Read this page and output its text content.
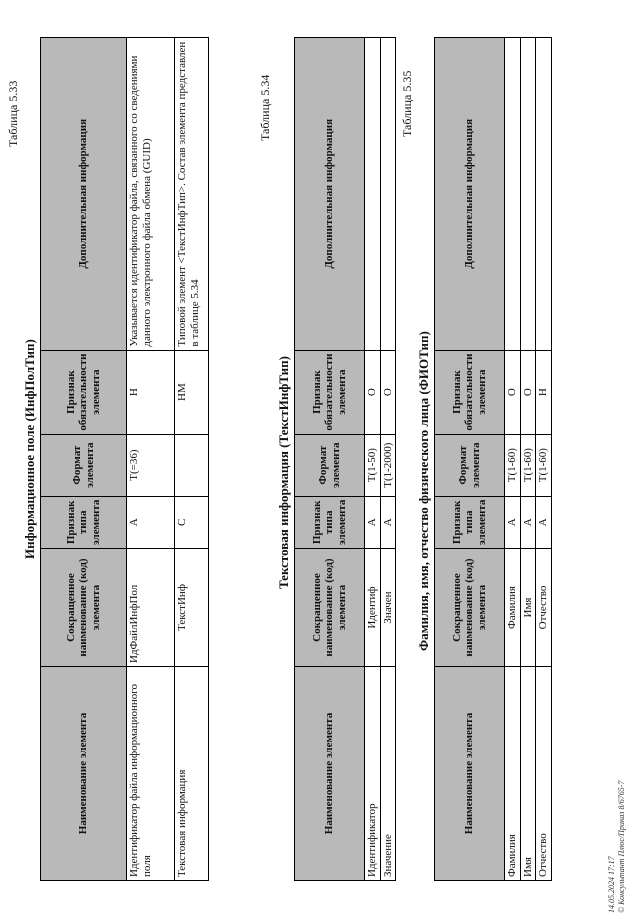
Таблица 5.33
Информационное поле (ИнфПолТип)
Наименование элемента	Сокращенное наименование (код) элемента	Признак типа элемента	Формат элемента	Признак обязательности элемента	Дополнительная информация
Идентификатор файла информационного поля	ИдФайлИнфПол	А	T(=36)	Н	Указывается идентификатор файла, связанного со сведениями данного электронного файла обмена (GUID)
Текстовая информация	ТекстИнф	С		НМ	Типовой элемент <ТекстИнфТип>. Состав элемента представлен в таблице 5.34
Таблица 5.34
Текстовая информация (ТекстИнфТип)
Наименование элемента	Сокращенное наименование (код) элемента	Признак типа элемента	Формат элемента	Признак обязательности элемента	Дополнительная информация
Идентификатор	Идентиф	А	T(1-50)	О	
Значение	Значен	А	T(1-2000)	О	
Таблица 5.35
Фамилия, имя, отчество физического лица (ФИОТип)
Наименование элемента	Сокращенное наименование (код) элемента	Признак типа элемента	Формат элемента	Признак обязательности элемента	Дополнительная информация
Фамилия	Фамилия	А	T(1-60)	О	
Имя	Имя	А	T(1-60)	О	
Отчество	Отчество	А	T(1-60)	Н	
14.05.2024 17:17 © Консультант Плюс/Приказ 8/6765-7
